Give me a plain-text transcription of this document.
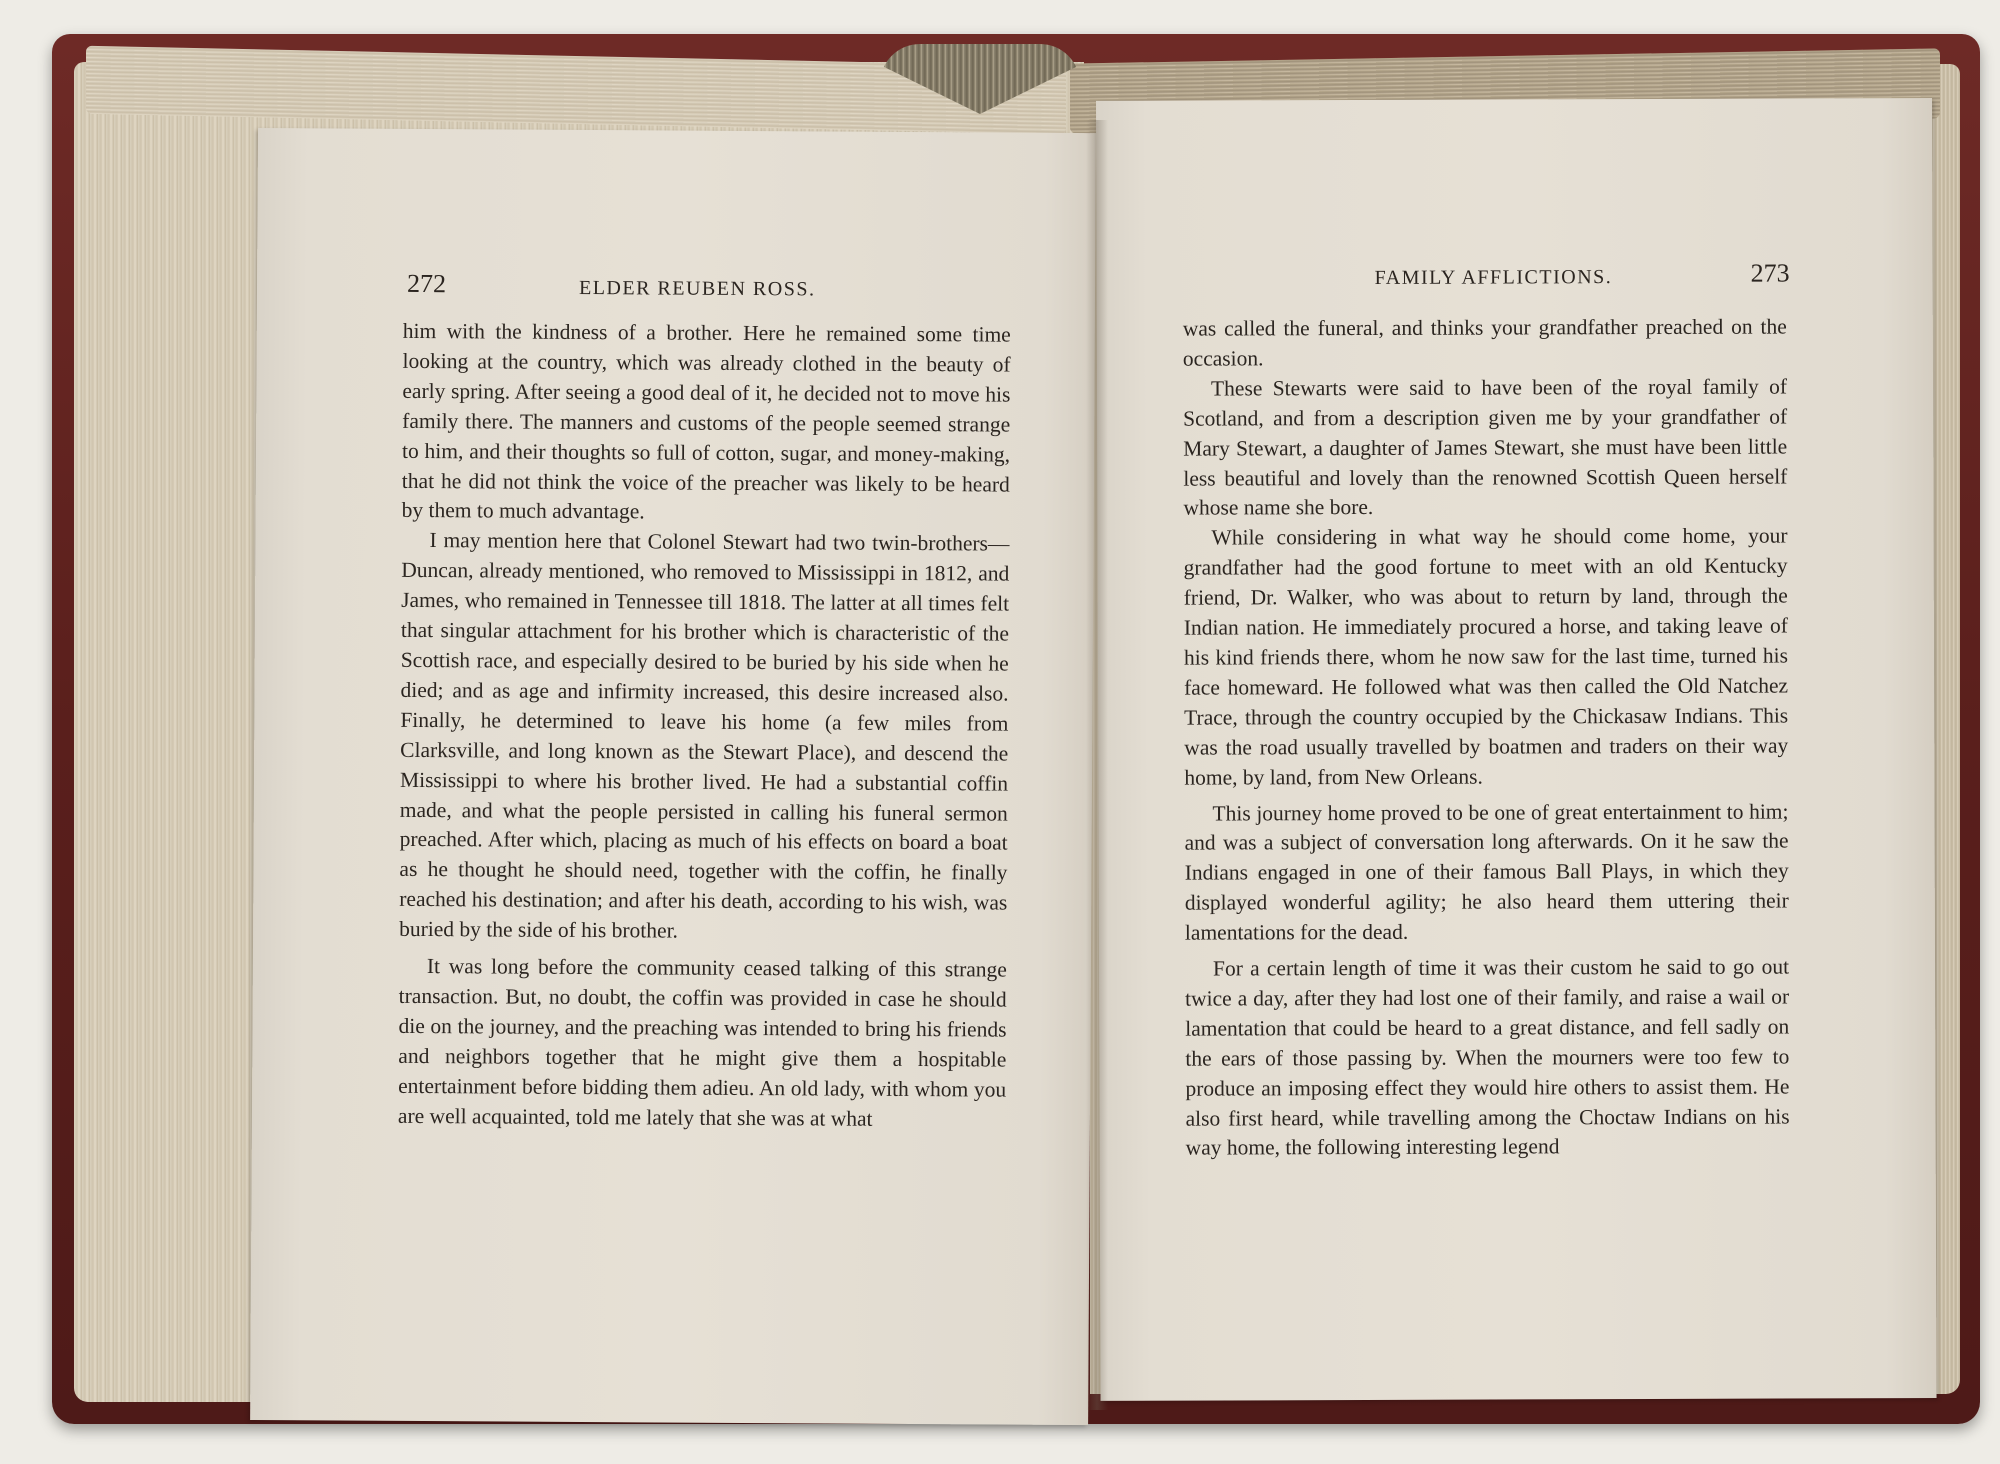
272	ELDER REUBEN ROSS.

him with the kindness of a brother. Here he remained some time looking at the country, which was already clothed in the beauty of early spring. After seeing a good deal of it, he decided not to move his family there. The manners and customs of the people seemed strange to him, and their thoughts so full of cotton, sugar, and money-making, that he did not think the voice of the preacher was likely to be heard by them to much advantage.

I may mention here that Colonel Stewart had two twin-brothers—Duncan, already mentioned, who removed to Mississippi in 1812, and James, who remained in Tennessee till 1818. The latter at all times felt that singular attachment for his brother which is characteristic of the Scottish race, and especially desired to be buried by his side when he died; and as age and infirmity increased, this desire increased also. Finally, he determined to leave his home (a few miles from Clarksville, and long known as the Stewart Place), and descend the Mississippi to where his brother lived. He had a substantial coffin made, and what the people persisted in calling his funeral sermon preached. After which, placing as much of his effects on board a boat as he thought he should need, together with the coffin, he finally reached his destination; and after his death, according to his wish, was buried by the side of his brother.

It was long before the community ceased talking of this strange transaction. But, no doubt, the coffin was provided in case he should die on the journey, and the preaching was intended to bring his friends and neighbors together that he might give them a hospitable entertainment before bidding them adieu. An old lady, with whom you are well acquainted, told me lately that she was at what

FAMILY AFFLICTIONS.	273

was called the funeral, and thinks your grandfather preached on the occasion.

These Stewarts were said to have been of the royal family of Scotland, and from a description given me by your grandfather of Mary Stewart, a daughter of James Stewart, she must have been little less beautiful and lovely than the renowned Scottish Queen herself whose name she bore.

While considering in what way he should come home, your grandfather had the good fortune to meet with an old Kentucky friend, Dr. Walker, who was about to return by land, through the Indian nation. He immediately procured a horse, and taking leave of his kind friends there, whom he now saw for the last time, turned his face homeward. He followed what was then called the Old Natchez Trace, through the country occupied by the Chickasaw Indians. This was the road usually travelled by boatmen and traders on their way home, by land, from New Orleans.

This journey home proved to be one of great entertainment to him; and was a subject of conversation long afterwards. On it he saw the Indians engaged in one of their famous Ball Plays, in which they displayed wonderful agility; he also heard them uttering their lamentations for the dead.

For a certain length of time it was their custom he said to go out twice a day, after they had lost one of their family, and raise a wail or lamentation that could be heard to a great distance, and fell sadly on the ears of those passing by. When the mourners were too few to produce an imposing effect they would hire others to assist them. He also first heard, while travelling among the Choctaw Indians on his way home, the following interesting legend
